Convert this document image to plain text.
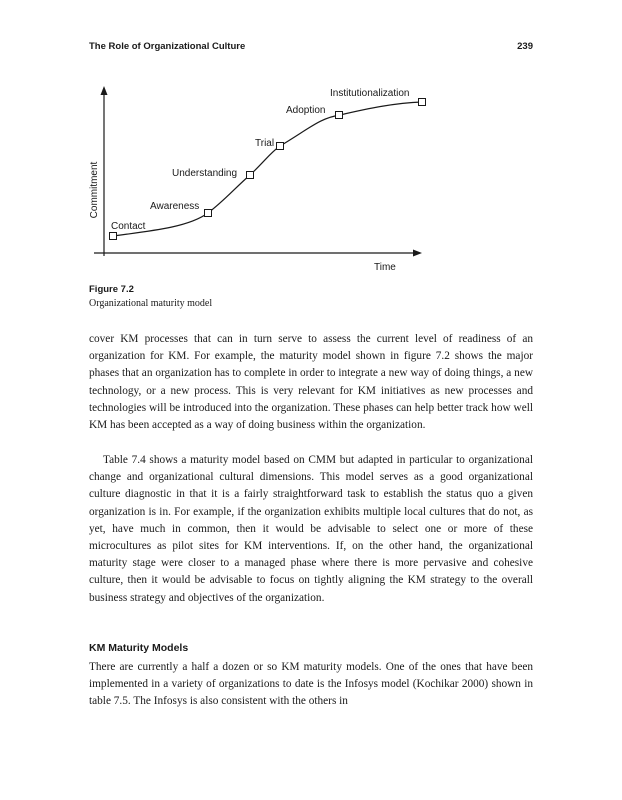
The Role of Organizational Culture	239
Commitment
Time
Contact
Awareness
Understanding
Trial
Adoption
Institutionalization
Figure 7.2
Organizational maturity model

cover KM processes that can in turn serve to assess the current level of readiness of an organization for KM. For example, the maturity model shown in figure 7.2 shows the major phases that an organization has to complete in order to integrate a new way of doing things, a new technology, or a new process. This is very relevant for KM initiatives as new processes and technologies will be introduced into the organization. These phases can help better track how well KM has been accepted as a way of doing business within the organization.

Table 7.4 shows a maturity model based on CMM but adapted in particular to organizational change and organizational cultural dimensions. This model serves as a good organizational culture diagnostic in that it is a fairly straightforward task to establish the status quo a given organization is in. For example, if the organization exhibits multiple local cultures that do not, as yet, have much in common, then it would be advisable to select one or more of these microcultures as pilot sites for KM interventions. If, on the other hand, the organizational maturity stage were closer to a managed phase where there is more pervasive and cohesive culture, then it would be advisable to focus on tightly aligning the KM strategy to the overall business strategy and objectives of the organization.

KM Maturity Models

There are currently a half a dozen or so KM maturity models. One of the ones that have been implemented in a variety of organizations to date is the Infosys model (Kochikar 2000) shown in table 7.5. The Infosys is also consistent with the others in
